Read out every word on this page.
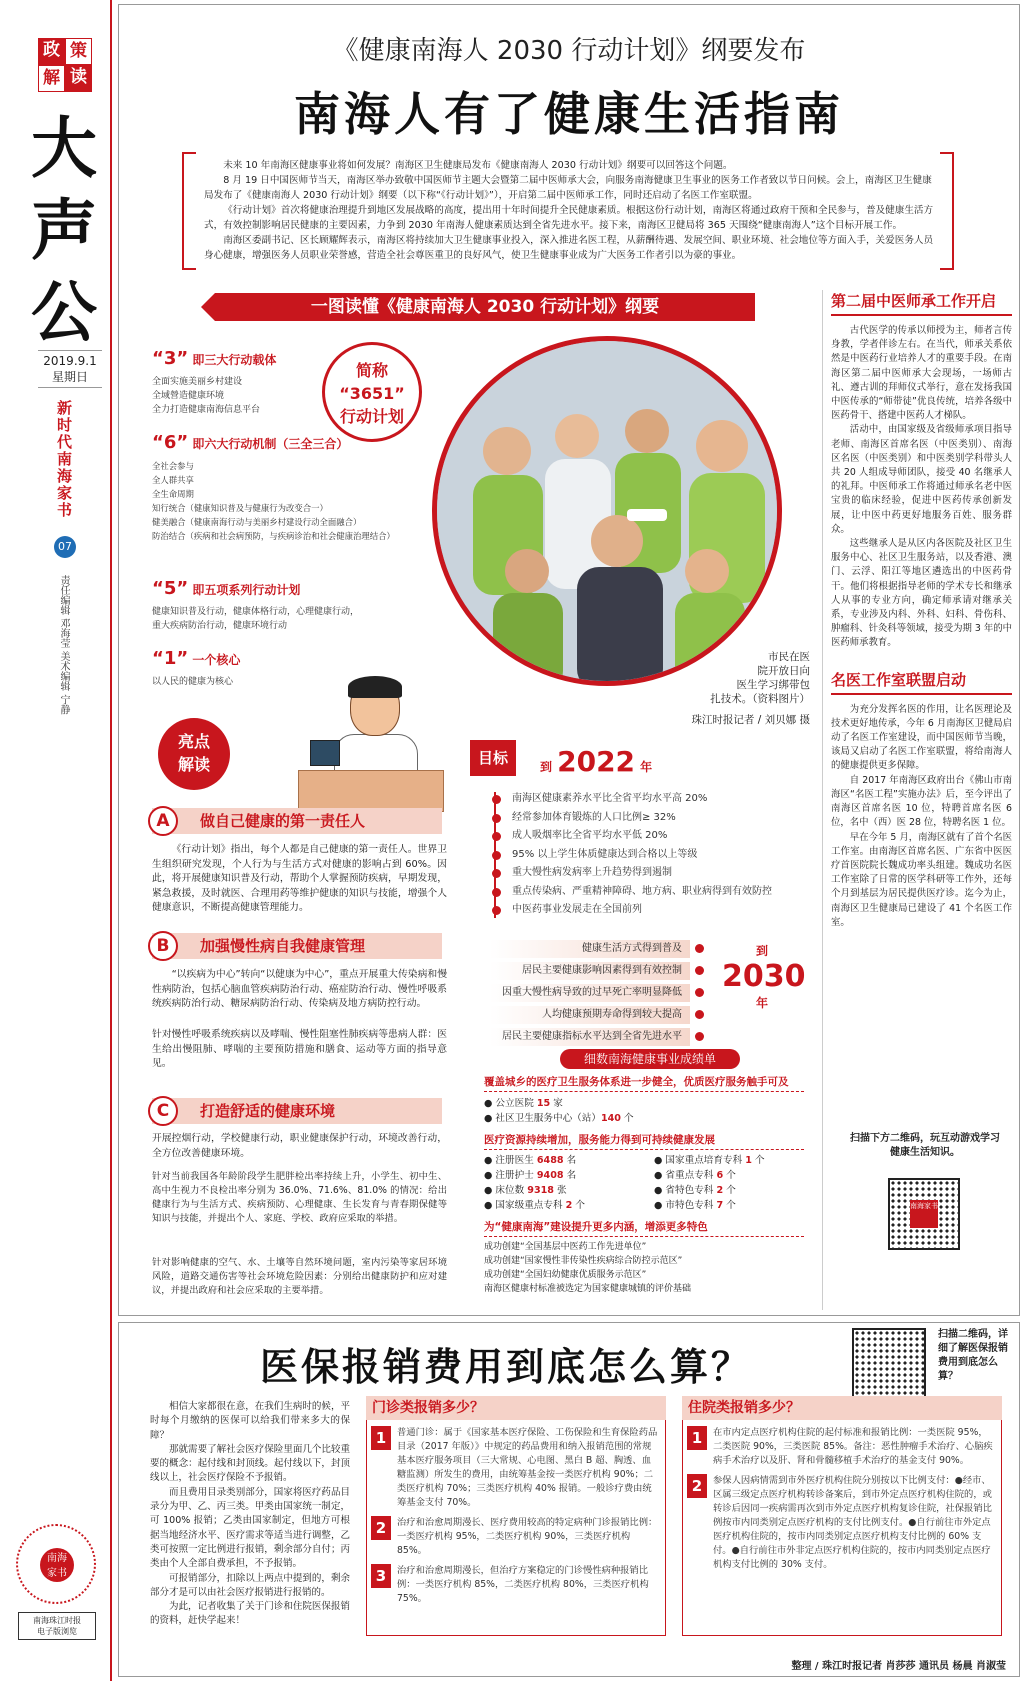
政 策
解 读
大
声
公
2019.9.1
星期日
新时代南海家书
07
责任编辑 邓海莹 美术编辑 宁静
南海
家书
南海珠江时报
电子版浏览
《健康南海人 2030 行动计划》纲要发布
南海人有了健康生活指南

未来 10 年南海区健康事业将如何发展？南海区卫生健康局发布《健康南海人 2030 行动计划》纲要可以回答这个问题。

8 月 19 日中国医师节当天，南海区举办致敬中国医师节主题大会暨第二届中医师承大会，向服务南海健康卫生事业的医务工作者致以节日问候。会上，南海区卫生健康局发布了《健康南海人 2030 行动计划》纲要（以下称“《行动计划》”），开启第二届中医师承工作，同时还启动了名医工作室联盟。

《行动计划》首次将健康治理提升到地区发展战略的高度，提出用十年时间提升全民健康素质。根据这份行动计划，南海区将通过政府干预和全民参与，普及健康生活方式，有效控制影响居民健康的主要因素，力争到 2030 年南海人健康素质达到全省先进水平。接下来，南海区卫健局将 365 天围绕“健康南海人”这个目标开展工作。

南海区委副书记、区长顾耀辉表示，南海区将持续加大卫生健康事业投入，深入推进名医工程，从薪酬待遇、发展空间、职业环境、社会地位等方面入手，关爱医务人员身心健康，增强医务人员职业荣誉感，营造全社会尊医重卫的良好风气，使卫生健康事业成为广大医务工作者引以为豪的事业。

一图读懂《健康南海人 2030 行动计划》纲要
“3” 即三大行动载体
全面实施美丽乡村建设
全域營造健康环境
全力打造健康南海信息平台
“6” 即六大行动机制（三全三合）
全社会参与
全人群共享
全生命周期
知行统合（健康知识普及与健康行为改变合一）
健美融合（健康南海行动与美丽乡村建设行动全面融合）
防治结合（疾病和社会病预防，与疾病诊治和社会健康治理结合）
“5” 即五项系列行动计划
健康知识普及行动，健康体格行动，心理健康行动，
重大疾病防治行动，健康环境行动
“1” 一个核心
以人民的健康为核心
简称
“3651”
行动计划
市民在医
院开放日向
医生学习绑带包
扎技术。（资料图片）
珠江时报记者 / 刘贝娜 摄
亮点
解读
做自己健康的第一责任人
A
《行动计划》指出，每个人都是自己健康的第一责任人。世界卫生组织研究发现，个人行为与生活方式对健康的影响占到 60%。因此，将开展健康知识普及行动，帮助个人掌握预防疾病，早期发现，紧急救援，及时就医、合理用药等维护健康的知识与技能，增强个人健康意识，不断提高健康管理能力。
加强慢性病自我健康管理
B
“以疾病为中心”转向“以健康为中心”，重点开展重大传染病和慢性病防治，包括心脑血管疾病防治行动、癌症防治行动、慢性呼吸系统疾病防治行动、糖尿病防治行动、传染病及地方病防控行动。
针对慢性呼吸系统疾病以及哮喘、慢性阻塞性肺疾病等患病人群：医生给出慢阻肺、哮喘的主要预防措施和膳食、运动等方面的指导意见。
打造舒适的健康环境
C
开展控烟行动，学校健康行动，职业健康保护行动，环境改善行动，全方位改善健康环境。
针对当前我国各年龄阶段学生肥胖检出率持续上升，小学生、初中生、高中生视力不良检出率分别为 36.0%、71.6%、81.0% 的情况：给出健康行为与生活方式、疾病预防、心理健康、生长发育与青春期保健等知识与技能，并提出个人、家庭、学校、政府应采取的举措。
针对影响健康的空气、水、土壤等自然环境问题，室内污染等家居环境风险，道路交通伤害等社会环境危险因素：分别给出健康防护和应对建议，并提出政府和社会应采取的主要举措。
目标	到 2022 年
南海区健康素养水平比全省平均水平高 20%
经常参加体育锻炼的人口比例≥ 32%
成人吸烟率比全省平均水平低 20%
95% 以上学生体质健康达到合格以上等级
重大慢性病发病率上升趋势得到遏制
重点传染病、严重精神障碍、地方病、职业病得到有效防控
中医药事业发展走在全国前列
健康生活方式得到普及
居民主要健康影响因素得到有效控制
因重大慢性病导致的过早死亡率明显降低
人均健康预期寿命得到较大提高
居民主要健康指标水平达到全省先进水平
到
2030
年
细数南海健康事业成绩单
覆盖城乡的医疗卫生服务体系进一步健全，优质医疗服务触手可及
● 公立医院 15 家
● 社区卫生服务中心（站）140 个
医疗资源持续增加，服务能力得到可持续健康发展
● 注册医生 6488 名
● 注册护士 9408 名
● 床位数 9318 张
● 国家级重点专科 2 个
● 国家重点培育专科 1 个
● 省重点专科 6 个
● 省特色专科 2 个
● 市特色专科 7 个
为“健康南海”建设提升更多内涵，增添更多特色
成功创建“全国基层中医药工作先进单位”
成功创建“国家慢性非传染性疾病综合防控示范区”
成功创建“全国妇幼健康优质服务示范区”
南海区健康村标准被选定为国家健康城镇的评价基础
第二届中医师承工作开启
古代医学的传承以师授为主，师者言传身教，学者伴诊左右。在当代，师承关系依然是中医药行业培养人才的重要手段。在南海区第二届中医师承大会现场，一场师古礼、遵古训的拜师仪式举行，意在发扬我国中医传承的“师带徒”优良传统，培养各级中医药骨干、搭建中医药人才梯队。
活动中，由国家级及省级师承项目指导老师、南海区首席名医（中医类别）、南海区名医（中医类别）和中医类别学科带头人共 20 人组成导师团队，接受 40 名继承人的礼拜。中医师承工作将通过师承名老中医宝贵的临床经验，促进中医药传承创新发展，让中医中药更好地服务百姓、服务群众。
这些继承人是从区内各医院及社区卫生服务中心、社区卫生服务站，以及香港、澳门、云浮、阳江等地区遴选出的中医药骨干。他们将根据指导老师的学术专长和继承人从事的专业方向，确定师承请对继承关系，专业涉及内科、外科、妇科、骨伤科、肿瘤科、针灸科等领域，接受为期 3 年的中医药师承教育。
名医工作室联盟启动
为充分发挥名医的作用，让名医理论及技术更好地传承，今年 6 月南海区卫健局启动了名医工作室建设，而中国医师节当晚，该局又启动了名医工作室联盟，将给南海人的健康提供更多保障。
自 2017 年南海区政府出台《佛山市南海区“名医工程”实施办法》后，至今评出了南海区首席名医 10 位，特聘首席名医 6 位，名中（西）医 28 位，特聘名医 1 位。
早在今年 5 月，南海区就有了首个名医工作室。由南海区首席名医、广东省中医医疗首医院院长魏成功率头组建。魏成功名医工作室除了日常的医学科研等工作外，还每个月到基层为居民提供医疗诊。迄今为止，南海区卫生健康局已建设了 41 个名医工作室。
扫描下方二维码，玩互动游戏学习健康生活知识。
南海家书
医保报销费用到底怎么算？
扫描二维码，详细了解医保报销费用到底怎么算？
相信大家都很在意，在我们生病时的候，平时每个月缴纳的医保可以给我们带来多大的保障？
那就需要了解社会医疗保险里面几个比较重要的概念：起付线和封顶线。起付线以下，封顶线以上，社会医疗保险不予报销。
而且费用目录类别部分，国家将医疗药品目录分为甲、乙、丙三类。甲类由国家统一制定，可 100% 报销；乙类由国家制定，但地方可根据当地经济水平、医疗需求等适当进行调整，乙类可按照一定比例进行报销，剩余部分自付；丙类由个人全部自费承担，不予报销。
可报销部分，扣除以上两点中提到的，剩余部分才是可以由社会医疗报销进行报销的。
为此，记者收集了关于门诊和住院医保报销的资料，赶快学起来！
门诊类报销多少？
1	普通门诊：属于《国家基本医疗保险、工伤保险和生育保险药品目录（2017 年版）》中规定的药品费用和纳入报销范围的常规基本医疗服务项目（三大常规、心电图、黑白 B 超、胸透、血糖监测）所发生的费用，由统筹基金按一类医疗机构 90%；二类医疗机构 70%；三类医疗机构 40% 报销。一般诊疗费由统筹基金支付 70%。
2	治疗和治愈周期漫长、医疗费用较高的特定病种门诊报销比例：一类医疗机构 95%，二类医疗机构 90%，三类医疗机构 85%。
3	治疗和治愈周期漫长，但治疗方案稳定的门诊慢性病种报销比例：一类医疗机构 85%，二类医疗机构 80%，三类医疗机构 75%。
住院类报销多少？
1	在市内定点医疗机构住院的起付标准和报销比例：一类医院 95%，二类医院 90%，三类医院 85%。备注：恶性肿瘤手术治疗、心脑疾病手术治疗以及肝、肾和骨髓移植手术治疗的基金支付 90%。
2	参保人因病情需到市外医疗机构住院分别按以下比例支付：●经市、区属三级定点医疗机构转诊备案后，到市外定点医疗机构住院的，或转诊后因同一疾病需再次到市外定点医疗机构复诊住院，社保报销比例按市内同类别定点医疗机构的支付比例支付。●自行前往市外定点医疗机构住院的，按市内同类别定点医疗机构支付比例的 60% 支付。●自行前往市外非定点医疗机构住院的，按市内同类别定点医疗机构支付比例的 30% 支付。
整理 / 珠江时报记者 肖莎莎 通讯员 杨晨 肖淑莹
